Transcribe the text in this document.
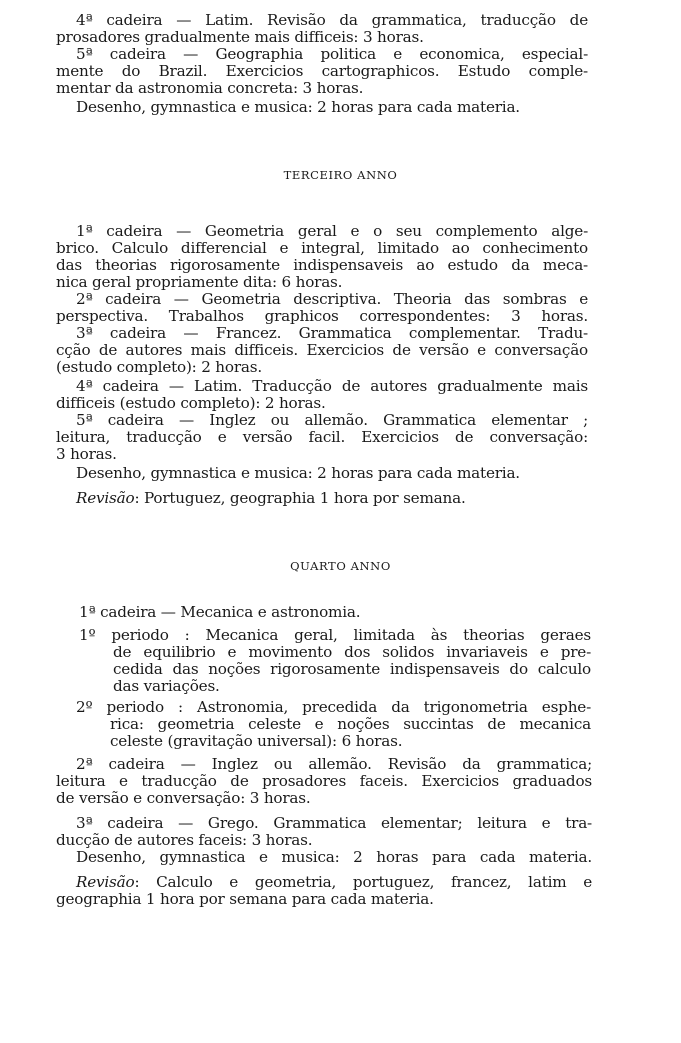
4ª cadeira — Latim. Revisão da grammatica, traducção de
prosadores gradualmente mais difficeis: 3 horas.
5ª cadeira — Geographia politica e economica, especial-
mente do Brazil. Exercicios cartographicos. Estudo comple-
mentar da astronomia concreta: 3 horas.
Desenho, gymnastica e musica: 2 horas para cada materia.
TERCEIRO ANNO
1ª cadeira — Geometria geral e o seu complemento alge-
brico. Calculo differencial e integral, limitado ao conhecimento
das theorias rigorosamente indispensaveis ao estudo da meca-
nica geral propriamente dita: 6 horas.
2ª cadeira — Geometria descriptiva. Theoria das sombras e
perspectiva. Trabalhos graphicos correspondentes: 3 horas.
3ª cadeira — Francez. Grammatica complementar. Tradu-
cção de autores mais difficeis. Exercicios de versão e conversação
(estudo completo): 2 horas.
4ª cadeira — Latim. Traducção de autores gradualmente mais
difficeis (estudo completo): 2 horas.
5ª cadeira — Inglez ou allemão. Grammatica elementar ;
leitura, traducção e versão facil. Exercicios de conversação:
3 horas.
Desenho, gymnastica e musica: 2 horas para cada materia.
Revisão: Portuguez, geographia 1 hora por semana.
QUARTO ANNO
1ª cadeira — Mecanica e astronomia.
1º periodo : Mecanica geral, limitada às theorias geraes
de equilibrio e movimento dos solidos invariaveis e pre-
cedida das noções rigorosamente indispensaveis do calculo
das variações.
2º periodo : Astronomia, precedida da trigonometria esphe-
rica: geometria celeste e noções succintas de mecanica
celeste (gravitação universal): 6 horas.
2ª cadeira — Inglez ou allemão. Revisão da grammatica;
leitura e traducção de prosadores faceis. Exercicios graduados
de versão e conversação: 3 horas.
3ª cadeira — Grego. Grammatica elementar; leitura e tra-
ducção de autores faceis: 3 horas.
Desenho, gymnastica e musica: 2 horas para cada materia.
Revisão: Calculo e geometria, portuguez, francez, latim e
geographia 1 hora por semana para cada materia.
